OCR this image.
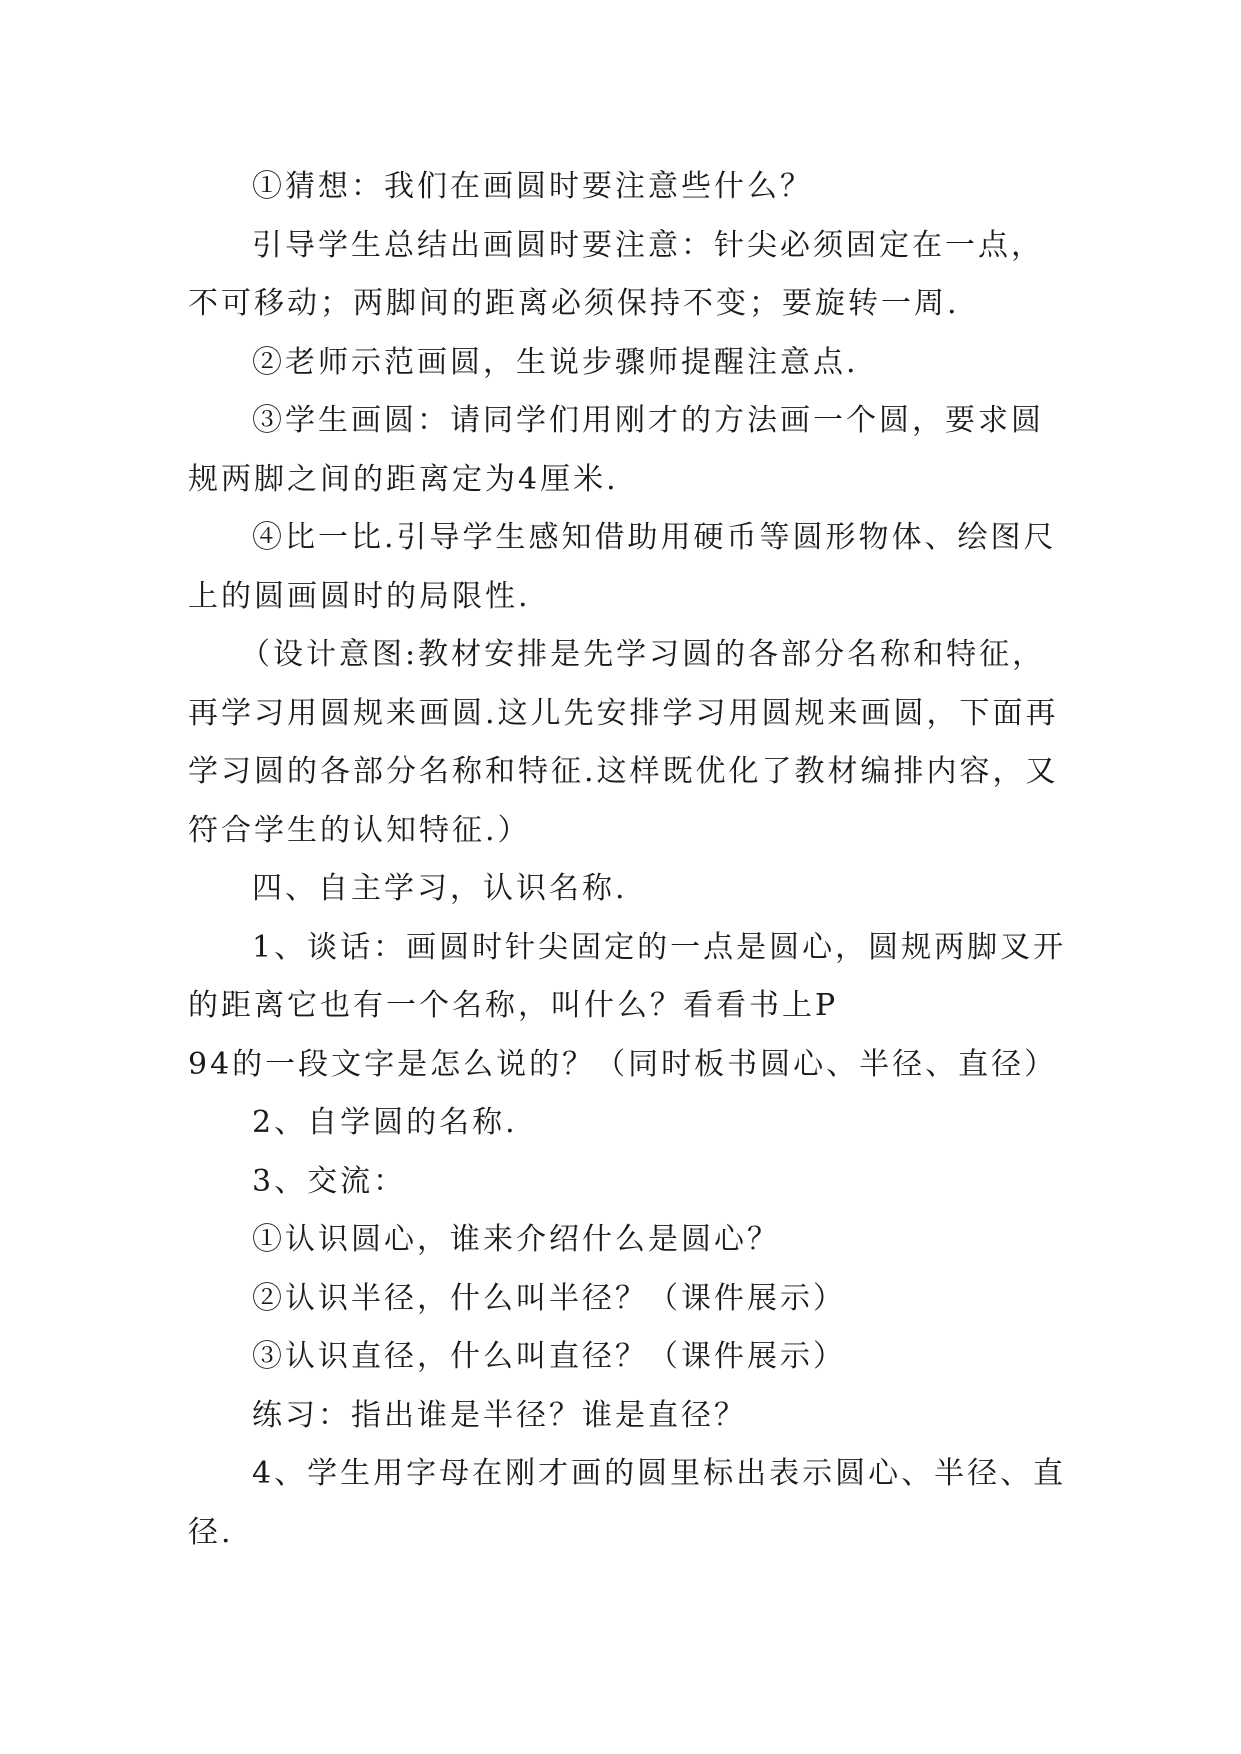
①猜想：我们在画圆时要注意些什么？

引导学生总结出画圆时要注意：针尖必须固定在一点，不可移动；两脚间的距离必须保持不变；要旋转一周.

②老师示范画圆，生说步骤师提醒注意点.

③学生画圆：请同学们用刚才的方法画一个圆，要求圆规两脚之间的距离定为4厘米.

④比一比.引导学生感知借助用硬币等圆形物体、绘图尺上的圆画圆时的局限性.

（设计意图:教材安排是先学习圆的各部分名称和特征，再学习用圆规来画圆.这儿先安排学习用圆规来画圆，下面再学习圆的各部分名称和特征.这样既优化了教材编排内容，又符合学生的认知特征.）

四、自主学习，认识名称.

1、谈话：画圆时针尖固定的一点是圆心，圆规两脚叉开的距离它也有一个名称，叫什么？看看书上P

94的一段文字是怎么说的？（同时板书圆心、半径、直径）

2、自学圆的名称.

3、交流：

①认识圆心，谁来介绍什么是圆心？

②认识半径，什么叫半径？（课件展示）

③认识直径，什么叫直径？（课件展示）

练习：指出谁是半径？谁是直径？

4、学生用字母在刚才画的圆里标出表示圆心、半径、直径.
